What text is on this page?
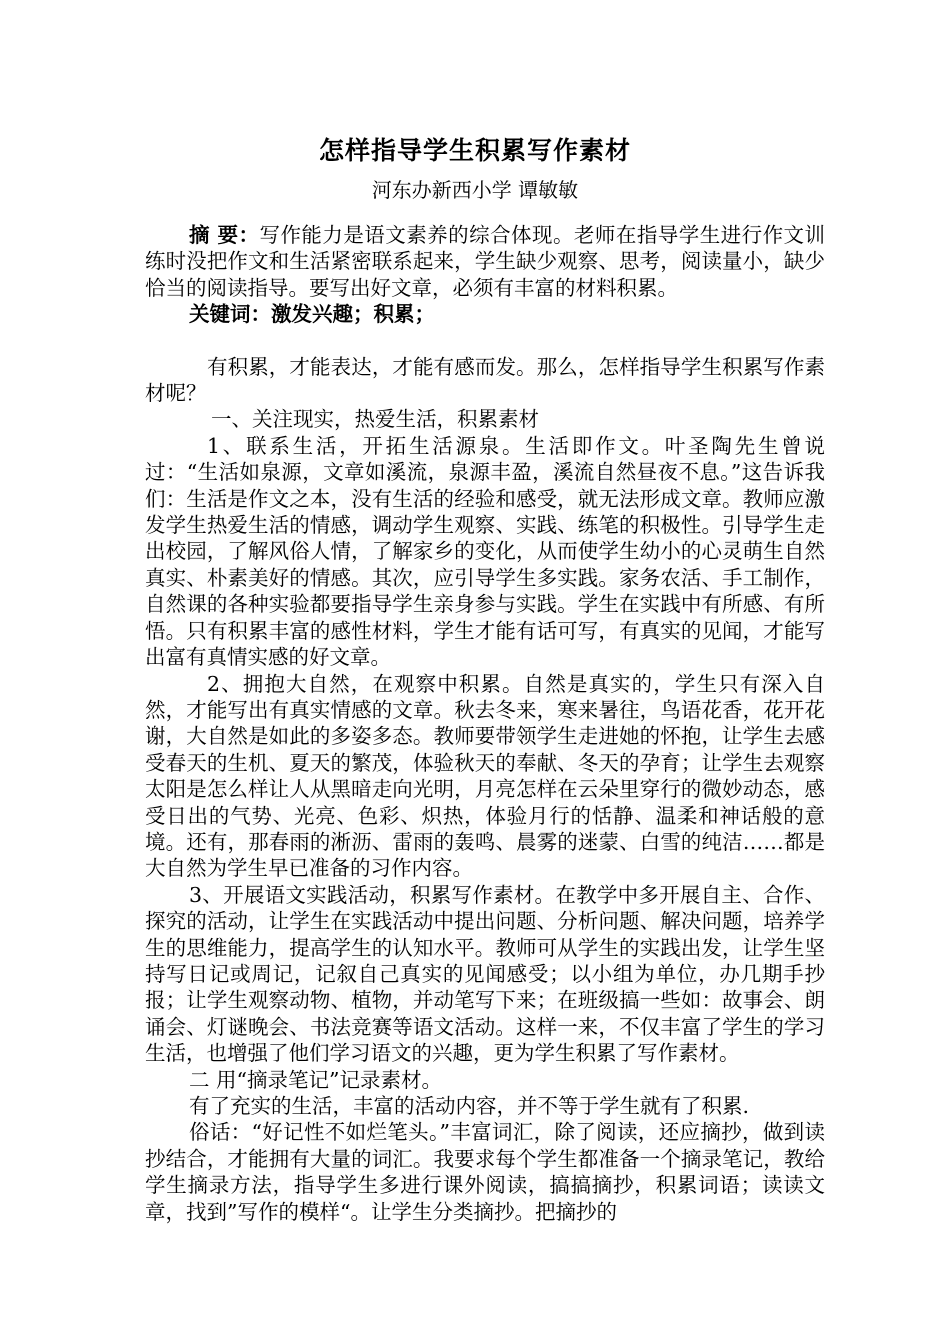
怎样指导学生积累写作素材
河东办新西小学 谭敏敏

摘 要：写作能力是语文素养的综合体现。老师在指导学生进行作文训练时没把作文和生活紧密联系起来，学生缺少观察、思考，阅读量小，缺少恰当的阅读指导。要写出好文章，必须有丰富的材料积累。

关键词：激发兴趣；积累；

有积累，才能表达，才能有感而发。那么，怎样指导学生积累写作素材呢？

一、关注现实，热爱生活，积累素材

1、联系生活，开拓生活源泉。生活即作文。叶圣陶先生曾说过：“生活如泉源，文章如溪流，泉源丰盈，溪流自然昼夜不息。”这告诉我们：生活是作文之本，没有生活的经验和感受，就无法形成文章。教师应激发学生热爱生活的情感，调动学生观察、实践、练笔的积极性。引导学生走出校园，了解风俗人情，了解家乡的变化，从而使学生幼小的心灵萌生自然真实、朴素美好的情感。其次，应引导学生多实践。家务农活、手工制作，自然课的各种实验都要指导学生亲身参与实践。学生在实践中有所感、有所悟。只有积累丰富的感性材料，学生才能有话可写，有真实的见闻，才能写出富有真情实感的好文章。

2、拥抱大自然，在观察中积累。自然是真实的，学生只有深入自然，才能写出有真实情感的文章。秋去冬来，寒来暑往，鸟语花香，花开花谢，大自然是如此的多姿多态。教师要带领学生走进她的怀抱，让学生去感受春天的生机、夏天的繁茂，体验秋天的奉献、冬天的孕育；让学生去观察太阳是怎么样让人从黑暗走向光明，月亮怎样在云朵里穿行的微妙动态，感受日出的气势、光亮、色彩、炽热，体验月行的恬静、温柔和神话般的意境。还有，那春雨的淅沥、雷雨的轰鸣、晨雾的迷蒙、白雪的纯洁……都是大自然为学生早已准备的习作内容。

3、开展语文实践活动，积累写作素材。在教学中多开展自主、合作、探究的活动，让学生在实践活动中提出问题、分析问题、解决问题，培养学生的思维能力，提高学生的认知水平。教师可从学生的实践出发，让学生坚持写日记或周记，记叙自己真实的见闻感受；以小组为单位，办几期手抄报；让学生观察动物、植物，并动笔写下来；在班级搞一些如：故事会、朗诵会、灯谜晚会、书法竞赛等语文活动。这样一来，不仅丰富了学生的学习生活，也增强了他们学习语文的兴趣，更为学生积累了写作素材。

二 用“摘录笔记”记录素材。

有了充实的生活，丰富的活动内容，并不等于学生就有了积累.

俗话：“好记性不如烂笔头。”丰富词汇，除了阅读，还应摘抄，做到读抄结合，才能拥有大量的词汇。我要求每个学生都准备一个摘录笔记，教给学生摘录方法，指导学生多进行课外阅读，搞搞摘抄，积累词语；读读文章，找到”写作的模样“。让学生分类摘抄。把摘抄的
